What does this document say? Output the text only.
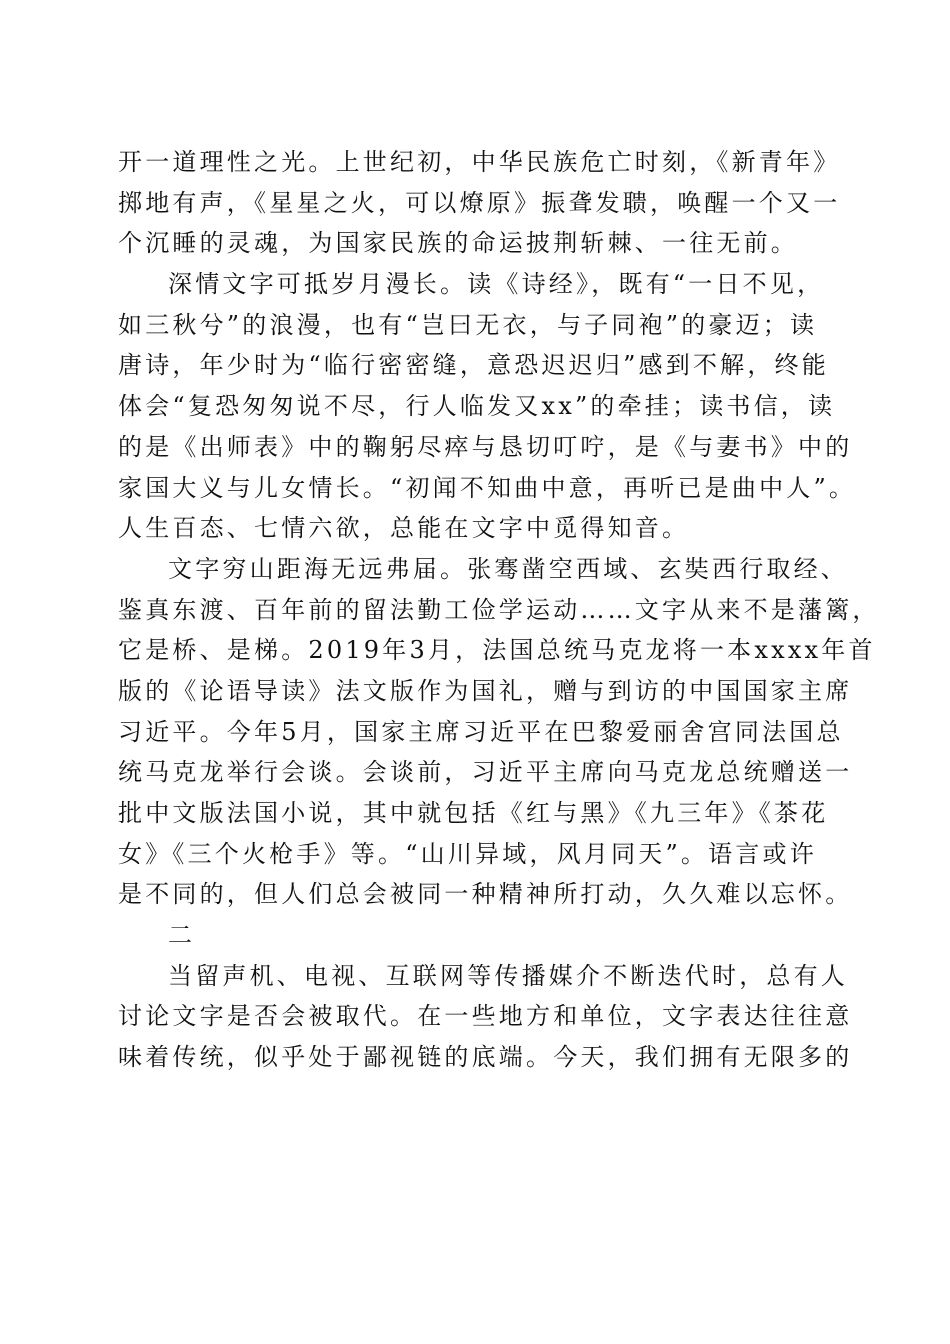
开一道理性之光。上世纪初，中华民族危亡时刻，《新青年》
掷地有声，《星星之火，可以燎原》振聋发聩，唤醒一个又一
个沉睡的灵魂，为国家民族的命运披荆斩棘、一往无前。
深情文字可抵岁月漫长。读《诗经》，既有“一日不见，
如三秋兮”的浪漫，也有“岂曰无衣，与子同袍”的豪迈；读
唐诗，年少时为“临行密密缝，意恐迟迟归”感到不解，终能
体会“复恐匆匆说不尽，行人临发又xx”的牵挂；读书信，读
的是《出师表》中的鞠躬尽瘁与恳切叮咛，是《与妻书》中的
家国大义与儿女情长。“初闻不知曲中意，再听已是曲中人”。
人生百态、七情六欲，总能在文字中觅得知音。
文字穷山距海无远弗届。张骞凿空西域、玄奘西行取经、
鉴真东渡、百年前的留法勤工俭学运动……文字从来不是藩篱，
它是桥、是梯。2019年3月，法国总统马克龙将一本xxxx年首
版的《论语导读》法文版作为国礼，赠与到访的中国国家主席
习近平。今年5月，国家主席习近平在巴黎爱丽舍宫同法国总
统马克龙举行会谈。会谈前，习近平主席向马克龙总统赠送一
批中文版法国小说，其中就包括《红与黑》《九三年》《茶花
女》《三个火枪手》等。“山川异域，风月同天”。语言或许
是不同的，但人们总会被同一种精神所打动，久久难以忘怀。
二
当留声机、电视、互联网等传播媒介不断迭代时，总有人
讨论文字是否会被取代。在一些地方和单位，文字表达往往意
味着传统，似乎处于鄙视链的底端。今天，我们拥有无限多的
